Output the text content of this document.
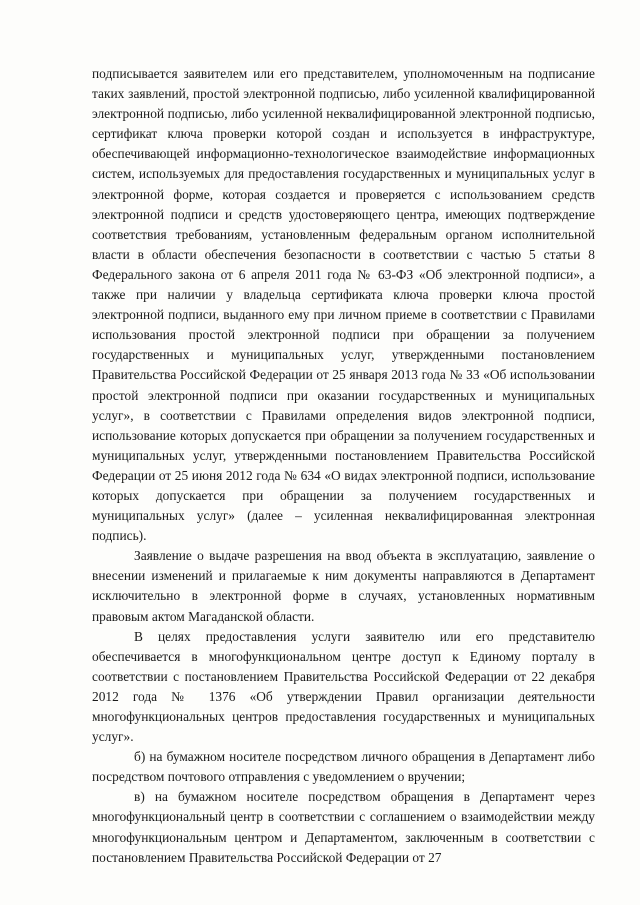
подписывается заявителем или его представителем, уполномоченным на подписание таких заявлений, простой электронной подписью, либо усиленной квалифицированной электронной подписью, либо усиленной неквалифицированной электронной подписью, сертификат ключа проверки которой создан и используется в инфраструктуре, обеспечивающей информационно-технологическое взаимодействие информационных систем, используемых для предоставления государственных и муниципальных услуг в электронной форме, которая создается и проверяется с использованием средств электронной подписи и средств удостоверяющего центра, имеющих подтверждение соответствия требованиям, установленным федеральным органом исполнительной власти в области обеспечения безопасности в соответствии с частью 5 статьи 8 Федерального закона от 6 апреля 2011 года № 63-ФЗ «Об электронной подписи», а также при наличии у владельца сертификата ключа проверки ключа простой электронной подписи, выданного ему при личном приеме в соответствии с Правилами использования простой электронной подписи при обращении за получением государственных и муниципальных услуг, утвержденными постановлением Правительства Российской Федерации от 25 января 2013 года № 33 «Об использовании простой электронной подписи при оказании государственных и муниципальных услуг», в соответствии с Правилами определения видов электронной подписи, использование которых допускается при обращении за получением государственных и муниципальных услуг, утвержденными постановлением Правительства Российской Федерации от 25 июня 2012 года № 634 «О видах электронной подписи, использование которых допускается при обращении за получением государственных и муниципальных услуг» (далее – усиленная неквалифицированная электронная подпись).

Заявление о выдаче разрешения на ввод объекта в эксплуатацию, заявление о внесении изменений и прилагаемые к ним документы направляются в Департамент исключительно в электронной форме в случаях, установленных нормативным правовым актом Магаданской области.

В целях предоставления услуги заявителю или его представителю обеспечивается в многофункциональном центре доступ к Единому порталу в соответствии с постановлением Правительства Российской Федерации от 22 декабря 2012 года № 1376 «Об утверждении Правил организации деятельности многофункциональных центров предоставления государственных и муниципальных услуг».

б) на бумажном носителе посредством личного обращения в Департамент либо посредством почтового отправления с уведомлением о вручении;

в) на бумажном носителе посредством обращения в Департамент через многофункциональный центр в соответствии с соглашением о взаимодействии между многофункциональным центром и Департаментом, заключенным в соответствии с постановлением Правительства Российской Федерации от 27
